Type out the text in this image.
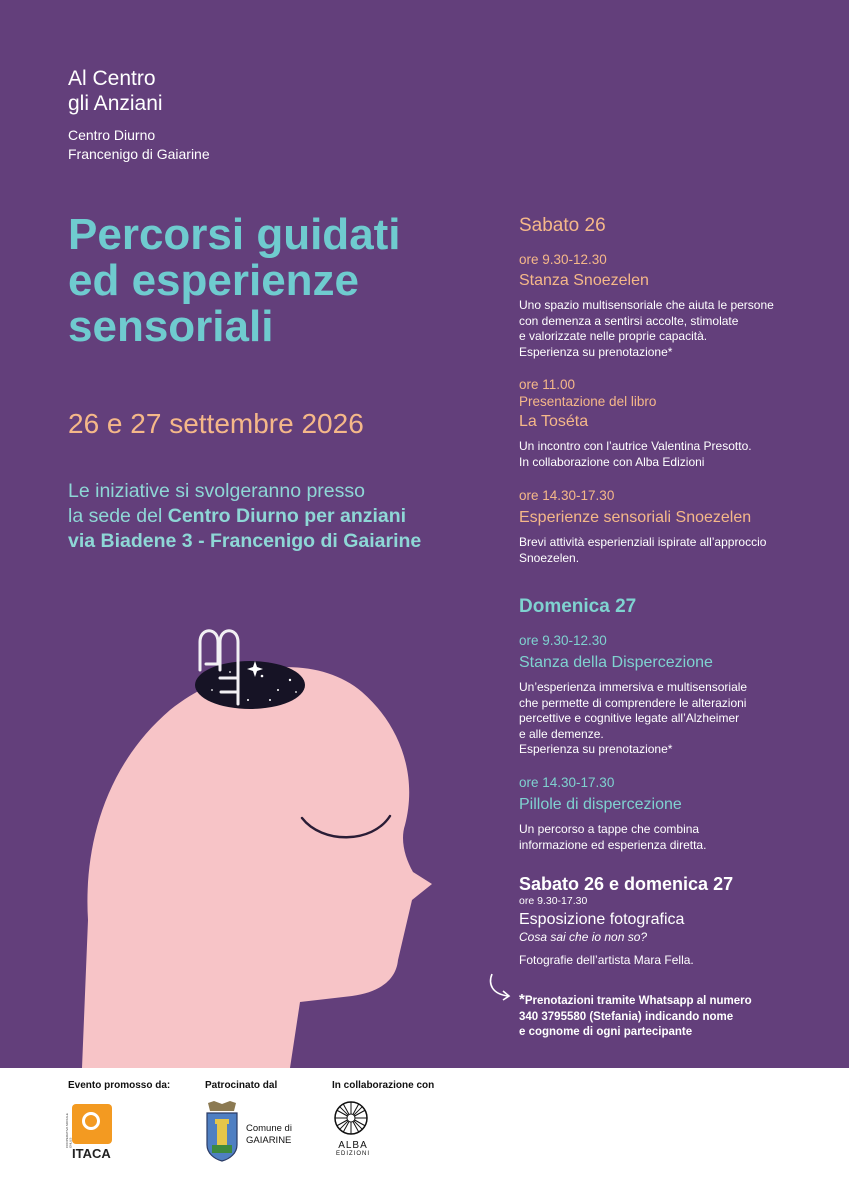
Al Centro
gli Anziani
Centro Diurno
Francenigo di Gaiarine
Percorsi guidati
ed esperienze
sensoriali
26 e 27 settembre 2026
Le iniziative si svolgeranno presso
la sede del Centro Diurno per anziani
via Biadene 3 - Francenigo di Gaiarine
Sabato 26
ore 9.30-12.30
Stanza Snoezelen
Uno spazio multisensoriale che aiuta le persone
con demenza a sentirsi accolte, stimolate
e valorizzate nelle proprie capacità.
Esperienza su prenotazione*
ore 11.00
Presentazione del libro
La Toséta
Un incontro con l’autrice Valentina Presotto.
In collaborazione con Alba Edizioni
ore 14.30-17.30
Esperienze sensoriali Snoezelen
Brevi attività esperienziali ispirate all’approccio
Snoezelen.
Domenica 27
ore 9.30-12.30
Stanza della Dispercezione
Un’esperienza immersiva e multisensoriale
che permette di comprendere le alterazioni
percettive e cognitive legate all’Alzheimer
e alle demenze.
Esperienza su prenotazione*
ore 14.30-17.30
Pillole di dispercezione
Un percorso a tappe che combina
informazione ed esperienza diretta.
Sabato 26 e domenica 27
ore 9.30-17.30
Esposizione fotografica
Cosa sai che io non so?
Fotografie dell’artista Mara Fella.
*Prenotazioni tramite Whatsapp al numero
340 3795580 (Stefania) indicando nome
e cognome di ogni partecipante
Evento promosso da:
COOPERATIVA SOCIALE ONLUS
ITACA
Patrocinato dal
Comune di
GAIARINE
In collaborazione con
ALBA
EDIZIONI
